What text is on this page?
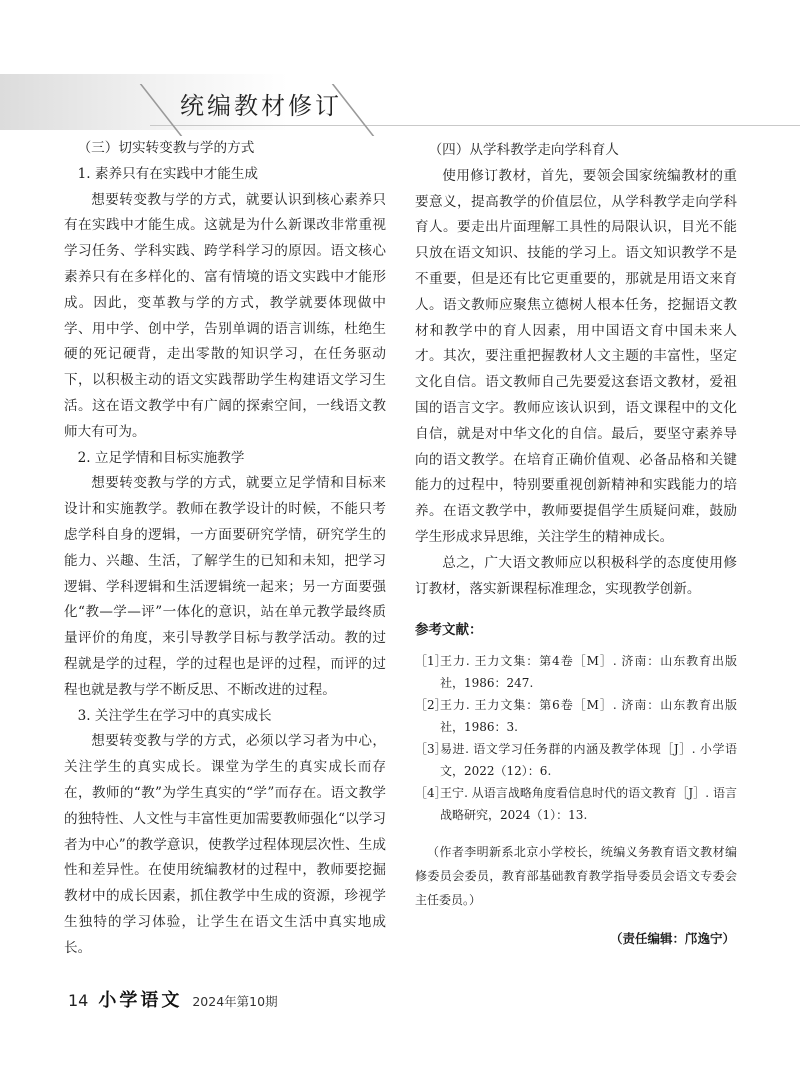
统编教材修订

（三）切实转变教与学的方式

1. 素养只有在实践中才能生成

想要转变教与学的方式，就要认识到核心素养只有在实践中才能生成。这就是为什么新课改非常重视学习任务、学科实践、跨学科学习的原因。语文核心素养只有在多样化的、富有情境的语文实践中才能形成。因此，变革教与学的方式，教学就要体现做中学、用中学、创中学，告别单调的语言训练，杜绝生硬的死记硬背，走出零散的知识学习，在任务驱动下，以积极主动的语文实践帮助学生构建语文学习生活。这在语文教学中有广阔的探索空间，一线语文教师大有可为。

2. 立足学情和目标实施教学

想要转变教与学的方式，就要立足学情和目标来设计和实施教学。教师在教学设计的时候，不能只考虑学科自身的逻辑，一方面要研究学情，研究学生的能力、兴趣、生活，了解学生的已知和未知，把学习逻辑、学科逻辑和生活逻辑统一起来；另一方面要强化“教—学—评”一体化的意识，站在单元教学最终质量评价的角度，来引导教学目标与教学活动。教的过程就是学的过程，学的过程也是评的过程，而评的过程也就是教与学不断反思、不断改进的过程。

3. 关注学生在学习中的真实成长

想要转变教与学的方式，必须以学习者为中心，关注学生的真实成长。课堂为学生的真实成长而存在，教师的“教”为学生真实的“学”而存在。语文教学的独特性、人文性与丰富性更加需要教师强化“以学习者为中心”的教学意识，使教学过程体现层次性、生成性和差异性。在使用统编教材的过程中，教师要挖掘教材中的成长因素，抓住教学中生成的资源，珍视学生独特的学习体验，让学生在语文生活中真实地成长。

（四）从学科教学走向学科育人

使用修订教材，首先，要领会国家统编教材的重要意义，提高教学的价值层位，从学科教学走向学科育人。要走出片面理解工具性的局限认识，目光不能只放在语文知识、技能的学习上。语文知识教学不是不重要，但是还有比它更重要的，那就是用语文来育人。语文教师应聚焦立德树人根本任务，挖掘语文教材和教学中的育人因素，用中国语文育中国未来人才。其次，要注重把握教材人文主题的丰富性，坚定文化自信。语文教师自己先要爱这套语文教材，爱祖国的语言文字。教师应该认识到，语文课程中的文化自信，就是对中华文化的自信。最后，要坚守素养导向的语文教学。在培育正确价值观、必备品格和关键能力的过程中，特别要重视创新精神和实践能力的培养。在语文教学中，教师要提倡学生质疑问难，鼓励学生形成求异思维，关注学生的精神成长。

总之，广大语文教师应以积极科学的态度使用修订教材，落实新课程标准理念，实现教学创新。

参考文献：
［1］
王力. 王力文集：第4卷［M］. 济南：山东教育出版社，1986：247.
［2］
王力. 王力文集：第6卷［M］. 济南：山东教育出版社，1986：3.
［3］
易进. 语文学习任务群的内涵及教学体现［J］. 小学语文，2022（12）：6.
［4］
王宁. 从语言战略角度看信息时代的语文教育［J］. 语言战略研究，2024（1）：13.
（作者李明新系北京小学校长，统编义务教育语文教材编修委员会委员，教育部基础教育教学指导委员会语文专委会主任委员。）
（责任编辑：邝逸宁）
14 小学语文 2024年第10期
